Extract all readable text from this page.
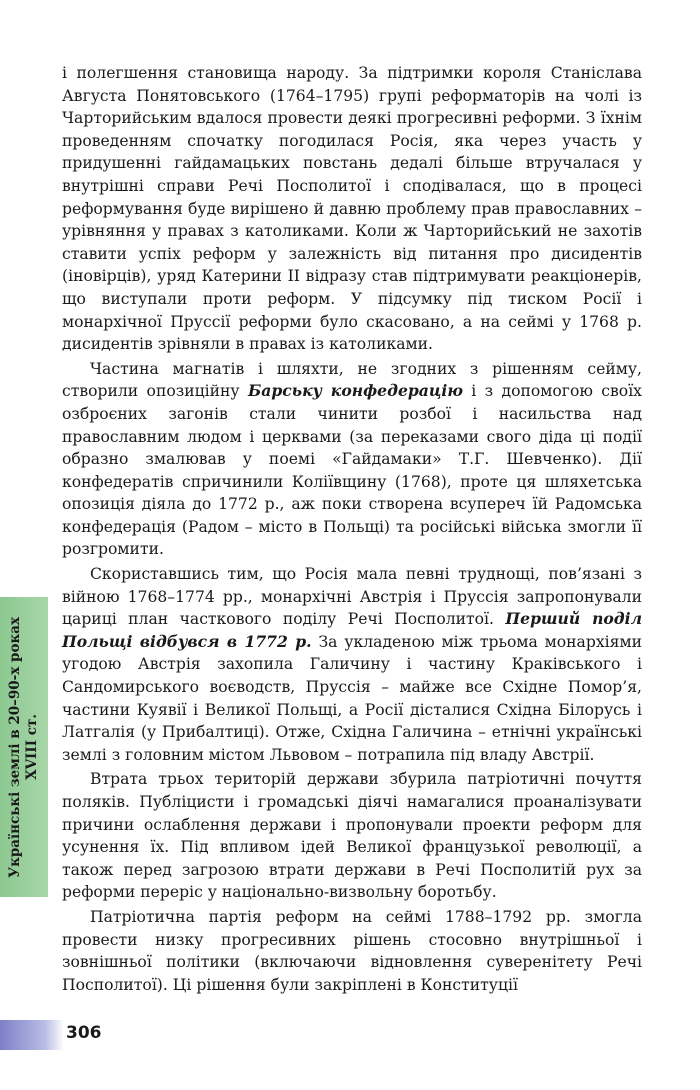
і полегшення становища народу. За підтримки короля Станіслава Августа Понятовського (1764–1795) групі реформаторів на чолі із Чарторийським вдалося провести деякі прогресивні реформи. З їхнім проведенням спочатку погодилася Росія, яка через участь у придушенні гайдамацьких повстань дедалі більше втручалася у внутрішні справи Речі Посполитої і сподівалася, що в процесі реформування буде вирішено й давню проблему прав православних – урівняння у правах з католиками. Коли ж Чарторийський не захотів ставити успіх реформ у залежність від питання про дисидентів (іновірців), уряд Катерини II відразу став підтримувати реакціонерів, що виступали проти реформ. У підсумку під тиском Росії і монархічної Пруссії реформи було скасовано, а на сеймі у 1768 р. дисидентів зрівняли в правах із католиками.

Частина магнатів і шляхти, не згодних з рішенням сейму, створили опозиційну Барську конфедерацію і з допомогою своїх озброєних загонів стали чинити розбої і насильства над православним людом і церквами (за переказами свого діда ці події образно змалював у поемі «Гайдамаки» Т.Г. Шевченко). Дії конфедератів спричинили Коліївщину (1768), проте ця шляхетська опозиція діяла до 1772 р., аж поки створена всупереч їй Радомська конфедерація (Радом – місто в Польщі) та російські війська змогли її розгромити.

Скориставшись тим, що Росія мала певні труднощі, пов’язані з війною 1768–1774 рр., монархічні Австрія і Пруссія запропонували цариці план часткового поділу Речі Посполитої. Перший поділ Польщі відбувся в 1772 р. За укладеною між трьома монархіями угодою Австрія захопила Галичину і частину Краківського і Сандомирського воєводств, Пруссія – майже все Східне Помор’я, частини Куявії і Великої Польщі, а Росії дісталися Східна Білорусь і Латгалія (у Прибалтиці). Отже, Східна Галичина – етнічні українські землі з головним містом Львовом – потрапила під владу Австрії.

Втрата трьох територій держави збурила патріотичні почуття поляків. Публіцисти і громадські діячі намагалися проаналізувати причини ослаблення держави і пропонували проекти реформ для усунення їх. Під впливом ідей Великої французької революції, а також перед загрозою втрати держави в Речі Посполитій рух за реформи переріс у національно-визвольну боротьбу.

Патріотична партія реформ на сеймі 1788–1792 рр. змогла провести низку прогресивних рішень стосовно внутрішньої і зовнішньої політики (включаючи відновлення суверенітету Речі Посполитої). Ці рішення були закріплені в Конституції

Українські землі в 20–90-х роках
XVIII ст.
306
